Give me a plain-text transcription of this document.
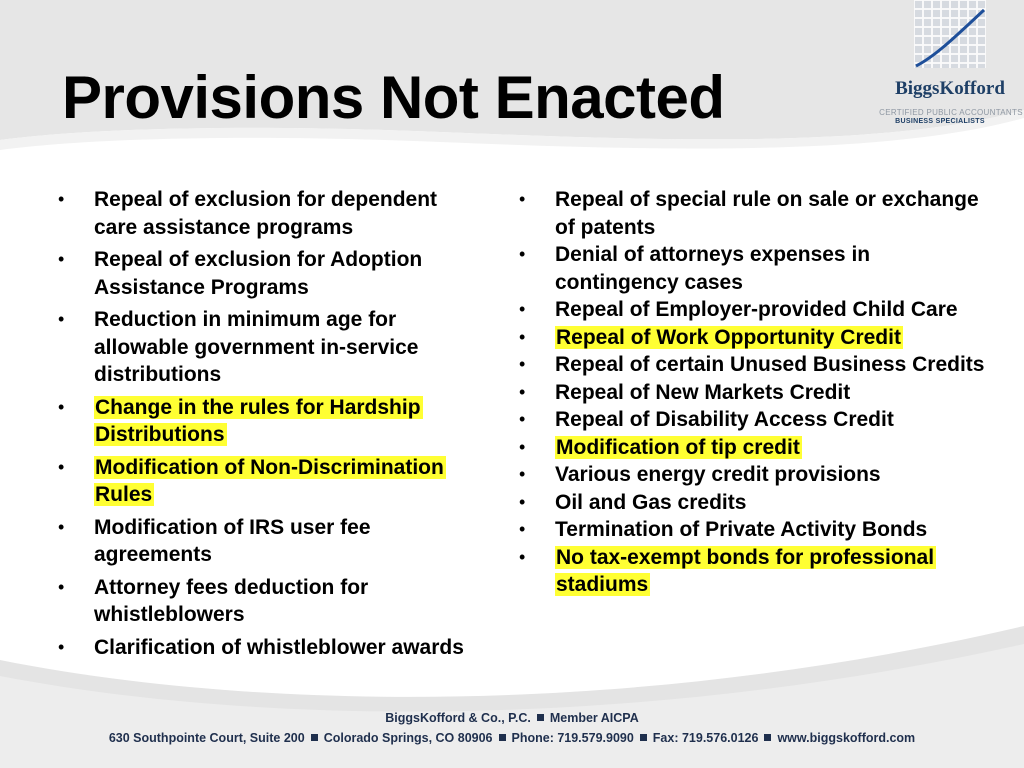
Provisions Not Enacted	BiggsKofford
CERTIFIED PUBLIC ACCOUNTANTS
BUSINESS SPECIALISTS
• Repeal of exclusion for dependent care assistance programs
• Repeal of exclusion for Adoption Assistance Programs
• Reduction in minimum age for allowable government in-service distributions
• Change in the rules for Hardship Distributions
• Modification of Non-Discrimination Rules
• Modification of IRS user fee agreements
• Attorney fees deduction for whistleblowers
• Clarification of whistleblower awards
• Repeal of special rule on sale or exchange of patents
• Denial of attorneys expenses in contingency cases
• Repeal of Employer-provided Child Care
• Repeal of Work Opportunity Credit
• Repeal of certain Unused Business Credits
• Repeal of New Markets Credit
• Repeal of Disability Access Credit
• Modification of tip credit
• Various energy credit provisions
• Oil and Gas credits
• Termination of Private Activity Bonds
• No tax-exempt bonds for professional stadiums
BiggsKofford & Co., P.C. Member AICPA
630 Southpointe Court, Suite 200 Colorado Springs, CO 80906 Phone: 719.579.9090 Fax: 719.576.0126 www.biggskofford.com
